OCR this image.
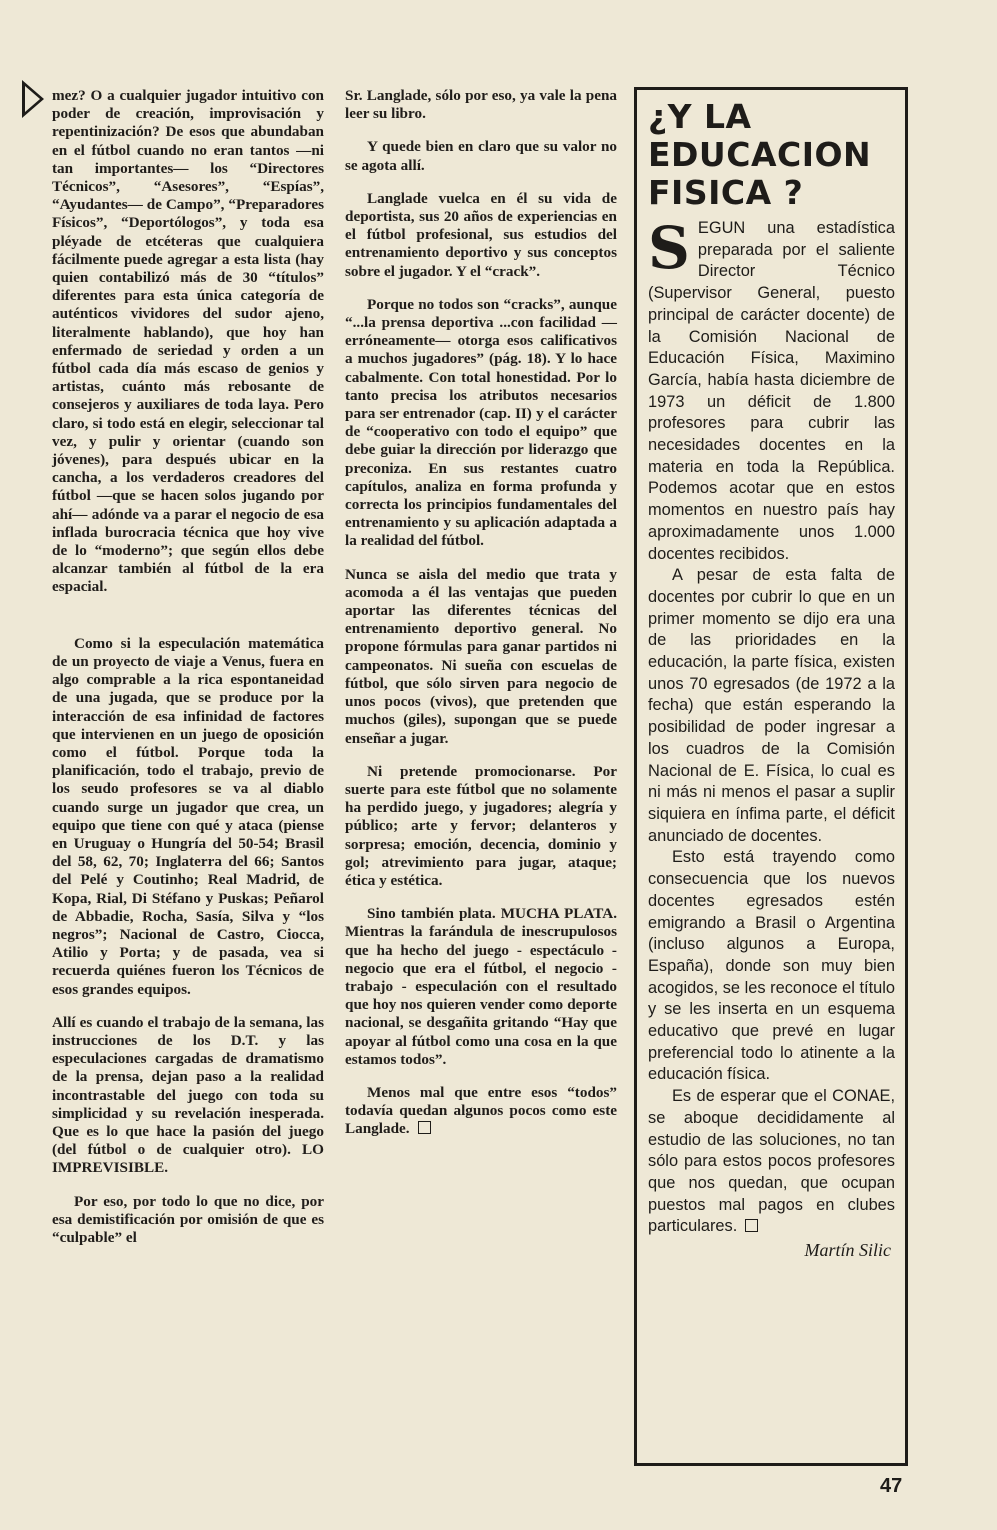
mez? O a cualquier jugador intuitivo con poder de creación, improvisación y repentinización? De esos que abundaban en el fútbol cuando no eran tantos —ni tan importantes— los “Directores Técnicos”, “Asesores”, “Espías”, “Ayudantes— de Campo”, “Preparadores Físicos”, “Deportólogos”, y toda esa pléyade de etcéteras que cualquiera fácilmente puede agregar a esta lista (hay quien contabilizó más de 30 “títulos” diferentes para esta única categoría de auténticos vividores del sudor ajeno, literalmente hablando), que hoy han enfermado de seriedad y orden a un fútbol cada día más escaso de genios y artistas, cuánto más rebosante de consejeros y auxiliares de toda laya. Pero claro, si todo está en elegir, seleccionar tal vez, y pulir y orientar (cuando son jóvenes), para después ubicar en la cancha, a los verdaderos creadores del fútbol —que se hacen solos jugando por ahí— adónde va a parar el negocio de esa inflada burocracia técnica que hoy vive de lo “moderno”; que según ellos debe alcanzar también al fútbol de la era espacial.

Como si la especulación matemática de un proyecto de viaje a Venus, fuera en algo comprable a la rica espontaneidad de una jugada, que se produce por la interacción de esa infinidad de factores que intervienen en un juego de oposición como el fútbol. Porque toda la planificación, todo el trabajo, previo de los seudo profesores se va al diablo cuando surge un jugador que crea, un equipo que tiene con qué y ataca (piense en Uruguay o Hungría del 50-54; Brasil del 58, 62, 70; Inglaterra del 66; Santos del Pelé y Coutinho; Real Madrid, de Kopa, Rial, Di Stéfano y Puskas; Peñarol de Abbadie, Rocha, Sasía, Silva y “los negros”; Nacional de Castro, Ciocca, Atilio y Porta; y de pasada, vea si recuerda quiénes fueron los Técnicos de esos grandes equipos.

Allí es cuando el trabajo de la semana, las instrucciones de los D.T. y las especulaciones cargadas de dramatismo de la prensa, dejan paso a la realidad incontrastable del juego con toda su simplicidad y su revelación inesperada. Que es lo que hace la pasión del juego (del fútbol o de cualquier otro). LO IMPREVISIBLE.

Por eso, por todo lo que no dice, por esa demistificación por omisión de que es “culpable” el

Sr. Langlade, sólo por eso, ya vale la pena leer su libro.

Y quede bien en claro que su valor no se agota allí.

Langlade vuelca en él su vida de deportista, sus 20 años de experiencias en el fútbol profesional, sus estudios del entrenamiento deportivo y sus conceptos sobre el jugador. Y el “crack”.

Porque no todos son “cracks”, aunque “...la prensa deportiva ...con facilidad —erróneamente— otorga esos calificativos a muchos jugadores” (pág. 18). Y lo hace cabalmente. Con total honestidad. Por lo tanto precisa los atributos necesarios para ser entrenador (cap. II) y el carácter de “cooperativo con todo el equipo” que debe guiar la dirección por liderazgo que preconiza. En sus restantes cuatro capítulos, analiza en forma profunda y correcta los principios fundamentales del entrenamiento y su aplicación adaptada a la realidad del fútbol.

Nunca se aisla del medio que trata y acomoda a él las ventajas que pueden aportar las diferentes técnicas del entrenamiento deportivo general. No propone fórmulas para ganar partidos ni campeonatos. Ni sueña con escuelas de fútbol, que sólo sirven para negocio de unos pocos (vivos), que pretenden que muchos (giles), supongan que se puede enseñar a jugar.

Ni pretende promocionarse. Por suerte para este fútbol que no solamente ha perdido juego, y jugadores; alegría y público; arte y fervor; delanteros y sorpresa; emoción, decencia, dominio y gol; atrevimiento para jugar, ataque; ética y estética.

Sino también plata. MUCHA PLATA. Mientras la farándula de inescrupulosos que ha hecho del juego - espectáculo - negocio que era el fútbol, el negocio - trabajo - especulación con el resultado que hoy nos quieren vender como deporte nacional, se desgañita gritando “Hay que apoyar al fútbol como una cosa en la que estamos todos”.

Menos mal que entre esos “todos” todavía quedan algunos pocos como este Langlade.

¿Y LA
EDUCACION
FISICA ?

SEGUN una estadística preparada por el saliente Director Técnico (Supervisor General, puesto principal de carácter docente) de la Comisión Nacional de Educación Física, Maximino García, había hasta diciembre de 1973 un déficit de 1.800 profesores para cubrir las necesidades docentes en la materia en toda la República. Podemos acotar que en estos momentos en nuestro país hay aproximadamente unos 1.000 docentes recibidos.

A pesar de esta falta de docentes por cubrir lo que en un primer momento se dijo era una de las prioridades en la educación, la parte física, existen unos 70 egresados (de 1972 a la fecha) que están esperando la posibilidad de poder ingresar a los cuadros de la Comisión Nacional de E. Física, lo cual es ni más ni menos el pasar a suplir siquiera en ínfima parte, el déficit anunciado de docentes.

Esto está trayendo como consecuencia que los nuevos docentes egresados estén emigrando a Brasil o Argentina (incluso algunos a Europa, España), donde son muy bien acogidos, se les reconoce el título y se les inserta en un esquema educativo que prevé en lugar preferencial todo lo atinente a la educación física.

Es de esperar que el CONAE, se aboque decididamente al estudio de las soluciones, no tan sólo para estos pocos profesores que nos quedan, que ocupan puestos mal pagos en clubes particulares.

Martín Silic
47
